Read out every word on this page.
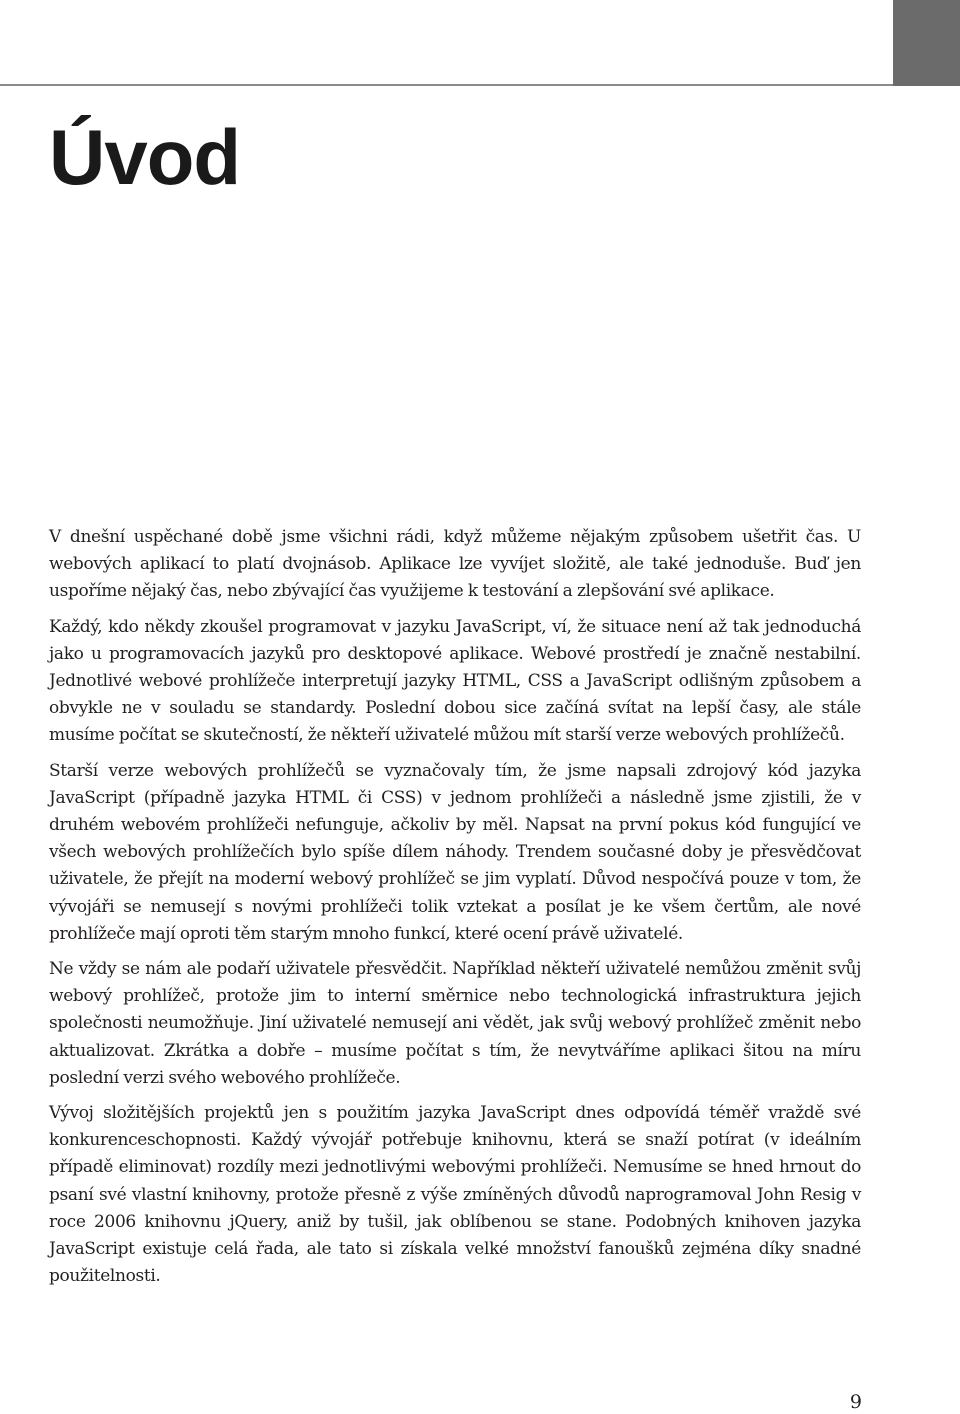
Úvod

V dnešní uspěchané době jsme všichni rádi, když můžeme nějakým způsobem ušetřit čas. U webových aplikací to platí dvojnásob. Aplikace lze vyvíjet složitě, ale také jednoduše. Buď jen uspoříme nějaký čas, nebo zbývající čas využijeme k testování a zlepšování své aplikace.

Každý, kdo někdy zkoušel programovat v jazyku JavaScript, ví, že situace není až tak jednoduchá jako u programovacích jazyků pro desktopové aplikace. Webové prostředí je značně nestabilní. Jednotlivé webové prohlížeče interpretují jazyky HTML, CSS a JavaScript odlišným způsobem a obvykle ne v souladu se standardy. Poslední dobou sice začíná svítat na lepší časy, ale stále musíme počítat se skutečností, že někteří uživatelé můžou mít starší verze webových prohlížečů.

Starší verze webových prohlížečů se vyznačovaly tím, že jsme napsali zdrojový kód jazyka JavaScript (případně jazyka HTML či CSS) v jednom prohlížeči a následně jsme zjistili, že v druhém webovém prohlížeči nefunguje, ačkoliv by měl. Napsat na první pokus kód fungující ve všech webových prohlížečích bylo spíše dílem náhody. Trendem současné doby je přesvědčovat uživatele, že přejít na moderní webový prohlížeč se jim vyplatí. Důvod nespočívá pouze v tom, že vývojáři se nemusejí s novými prohlížeči tolik vztekat a posílat je ke všem čertům, ale nové prohlížeče mají oproti těm starým mnoho funkcí, které ocení právě uživatelé.

Ne vždy se nám ale podaří uživatele přesvědčit. Například někteří uživatelé nemůžou změnit svůj webový prohlížeč, protože jim to interní směrnice nebo technologická infrastruktura jejich společnosti neumožňuje. Jiní uživatelé nemusejí ani vědět, jak svůj webový prohlížeč změnit nebo aktualizovat. Zkrátka a dobře – musíme počítat s tím, že nevytváříme aplikaci šitou na míru poslední verzi svého webového prohlížeče.

Vývoj složitějších projektů jen s použitím jazyka JavaScript dnes odpovídá téměř vraždě své konkurenceschopnosti. Každý vývojář potřebuje knihovnu, která se snaží potírat (v ideálním případě eliminovat) rozdíly mezi jednotlivými webovými prohlížeči. Nemusíme se hned hrnout do psaní své vlastní knihovny, protože přesně z výše zmíněných důvodů naprogramoval John Resig v roce 2006 knihovnu jQuery, aniž by tušil, jak oblíbenou se stane. Podobných knihoven jazyka JavaScript existuje celá řada, ale tato si získala velké množství fanoušků zejména díky snadné použitelnosti.

9
